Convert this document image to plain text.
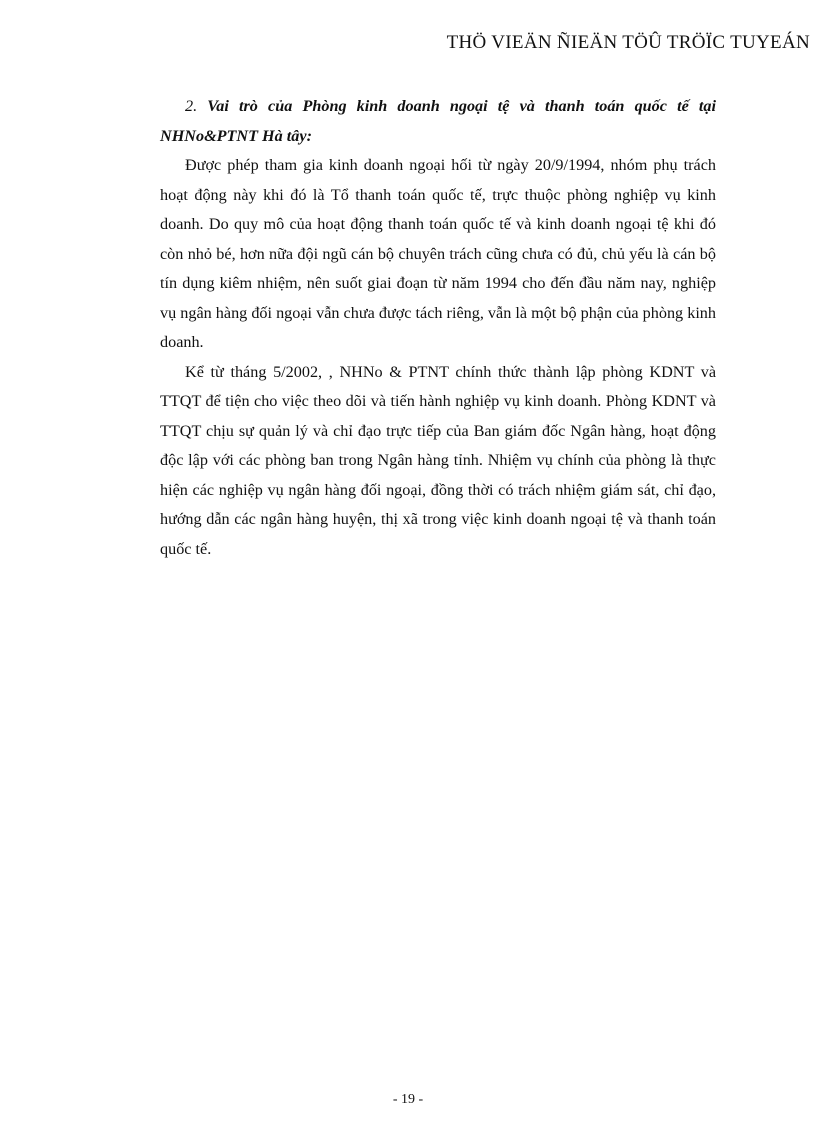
THÖ VIEÄN ÑIEÄN TÖÛ TRÖÏC TUYEÁN

2. Vai trò của Phòng kinh doanh ngoại tệ và thanh toán quốc tế tại NHNo&PTNT Hà tây:

Được phép tham gia kinh doanh ngoại hối từ ngày 20/9/1994, nhóm phụ trách hoạt động này khi đó là Tổ thanh toán quốc tế, trực thuộc phòng nghiệp vụ kinh doanh. Do quy mô của hoạt động thanh toán quốc tế và kinh doanh ngoại tệ khi đó còn nhỏ bé, hơn nữa đội ngũ cán bộ chuyên trách cũng chưa có đủ, chủ yếu là cán bộ tín dụng kiêm nhiệm, nên suốt giai đoạn từ năm 1994 cho đến đầu năm nay, nghiệp vụ ngân hàng đối ngoại vẫn chưa được tách riêng, vẫn là một bộ phận của phòng kinh doanh.

Kể từ tháng 5/2002, , NHNo & PTNT chính thức thành lập phòng KDNT và TTQT để tiện cho việc theo dõi và tiến hành nghiệp vụ kinh doanh. Phòng KDNT và TTQT chịu sự quản lý và chỉ đạo trực tiếp của Ban giám đốc Ngân hàng, hoạt động độc lập với các phòng ban trong Ngân hàng tỉnh. Nhiệm vụ chính của phòng là thực hiện các nghiệp vụ ngân hàng đối ngoại, đồng thời có trách nhiệm giám sát, chỉ đạo, hướng dẫn các ngân hàng huyện, thị xã trong việc kinh doanh ngoại tệ và thanh toán quốc tế.

- 19 -
